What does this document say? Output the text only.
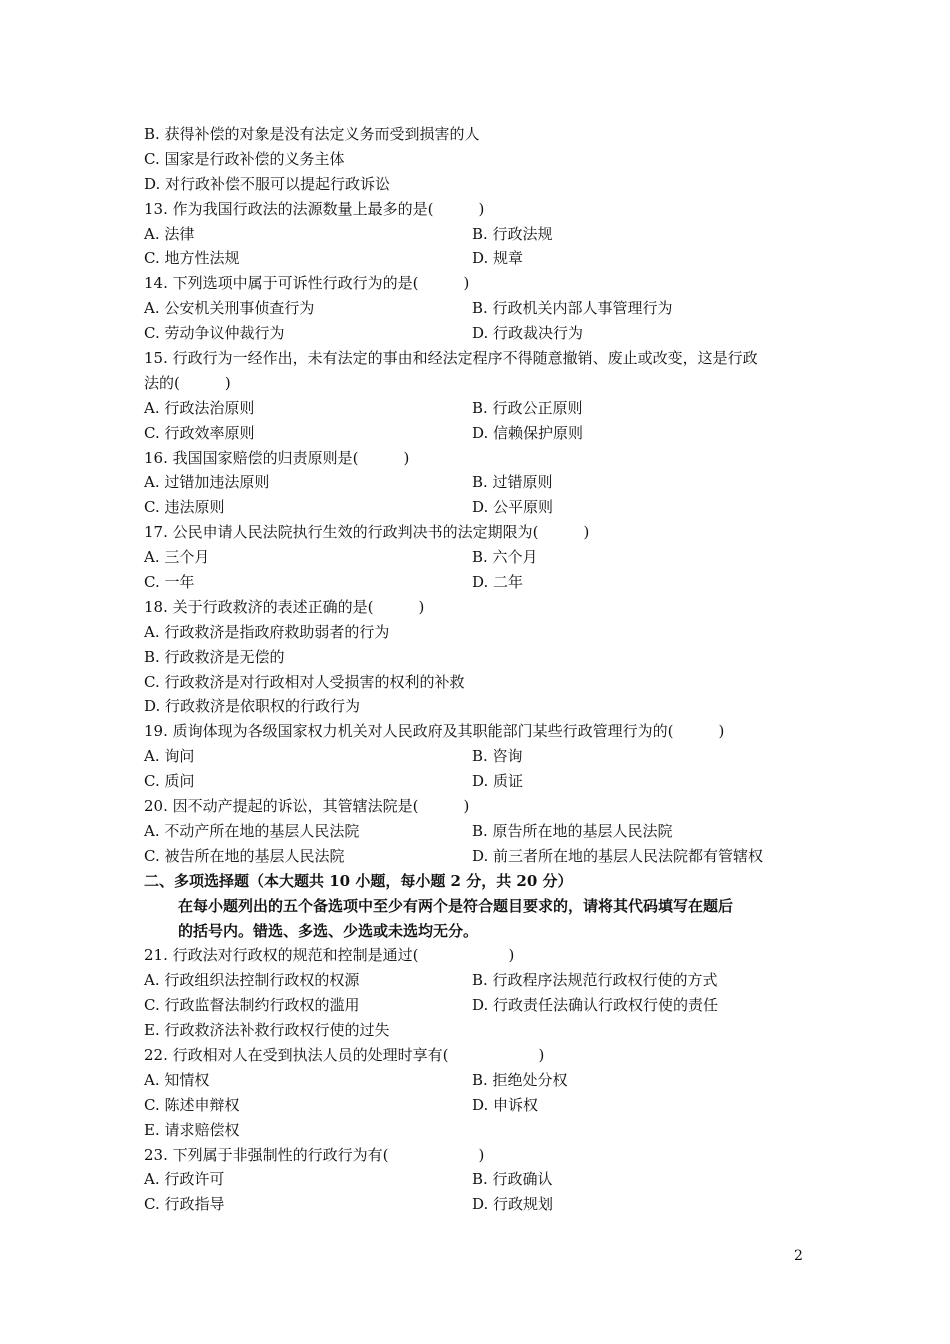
B. 获得补偿的对象是没有法定义务而受到损害的人
C. 国家是行政补偿的义务主体
D. 对行政补偿不服可以提起行政诉讼
13. 作为我国行政法的法源数量上最多的是(　　　)
A. 法律	B. 行政法规
C. 地方性法规	D. 规章
14. 下列选项中属于可诉性行政行为的是(　　　)
A. 公安机关刑事侦查行为	B. 行政机关内部人事管理行为
C. 劳动争议仲裁行为	D. 行政裁决行为
15. 行政行为一经作出，未有法定的事由和经法定程序不得随意撤销、废止或改变，这是行政
法的(　　　)
A. 行政法治原则	B. 行政公正原则
C. 行政效率原则	D. 信赖保护原则
16. 我国国家赔偿的归责原则是(　　　)
A. 过错加违法原则	B. 过错原则
C. 违法原则	D. 公平原则
17. 公民申请人民法院执行生效的行政判决书的法定期限为(　　　)
A. 三个月	B. 六个月
C. 一年	D. 二年
18. 关于行政救济的表述正确的是(　　　)
A. 行政救济是指政府救助弱者的行为
B. 行政救济是无偿的
C. 行政救济是对行政相对人受损害的权利的补救
D. 行政救济是依职权的行政行为
19. 质询体现为各级国家权力机关对人民政府及其职能部门某些行政管理行为的(　　　)
A. 询问	B. 咨询
C. 质问	D. 质证
20. 因不动产提起的诉讼，其管辖法院是(　　　)
A. 不动产所在地的基层人民法院	B. 原告所在地的基层人民法院
C. 被告所在地的基层人民法院	D. 前三者所在地的基层人民法院都有管辖权
二、多项选择题（本大题共 10 小题，每小题 2 分，共 20 分）
在每小题列出的五个备选项中至少有两个是符合题目要求的，请将其代码填写在题后
的括号内。错选、多选、少选或未选均无分。
21. 行政法对行政权的规范和控制是通过(　　　　　　)
A. 行政组织法控制行政权的权源	B. 行政程序法规范行政权行使的方式
C. 行政监督法制约行政权的滥用	D. 行政责任法确认行政权行使的责任
E. 行政救济法补救行政权行使的过失
22. 行政相对人在受到执法人员的处理时享有(　　　　　　)
A. 知情权	B. 拒绝处分权
C. 陈述申辩权	D. 申诉权
E. 请求赔偿权
23. 下列属于非强制性的行政行为有(　　　　　　)
A. 行政许可	B. 行政确认
C. 行政指导	D. 行政规划
2
